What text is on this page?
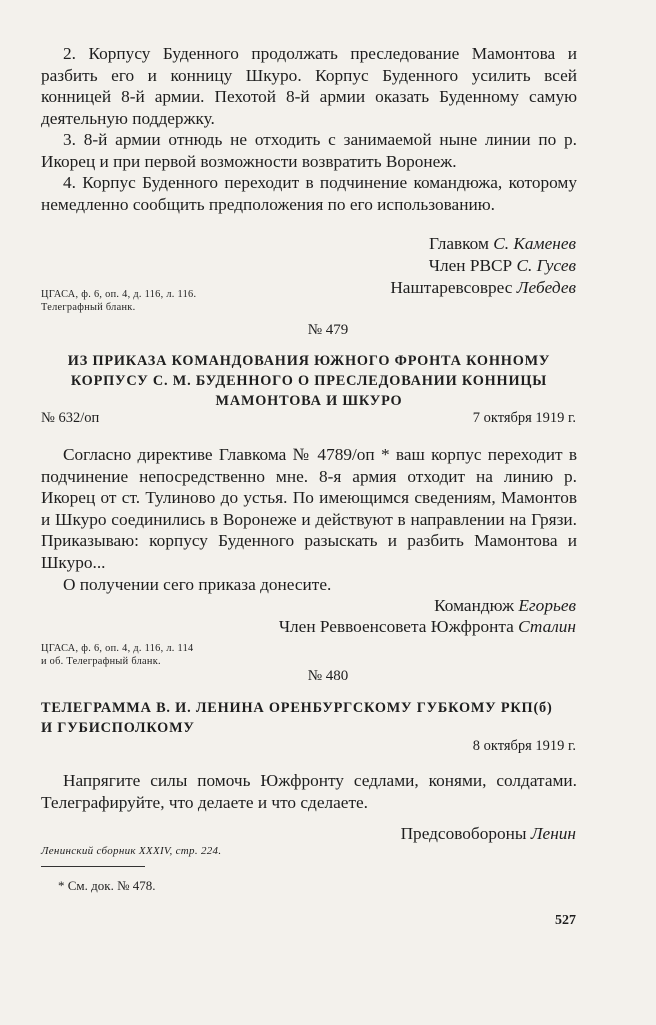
2. Корпусу Буденного продолжать преследование Мамонтова и разбить его и конницу Шкуро. Корпус Буденного усилить всей конницей 8-й армии. Пехотой 8-й армии оказать Буденному самую деятельную поддержку.

3. 8-й армии отнюдь не отходить с занимаемой ныне линии по р. Икорец и при первой возможности возвратить Воронеж.

4. Корпус Буденного переходит в подчинение командюжа, которому немедленно сообщить предположения по его использованию.

Главком С. Каменев
Член РВСР С. Гусев
Наштаревсоврес Лебедев
ЦГАСА, ф. 6, оп. 4, д. 116, л. 116.
Телеграфный бланк.
№ 479
ИЗ ПРИКАЗА КОМАНДОВАНИЯ ЮЖНОГО ФРОНТА КОННОМУ КОРПУСУ С. М. БУДЕННОГО О ПРЕСЛЕДОВАНИИ КОННИЦЫ МАМОНТОВА И ШКУРО
№ 632/оп	7 октября 1919 г.

Согласно директиве Главкома № 4789/оп * ваш корпус переходит в подчинение непосредственно мне. 8-я армия отходит на линию р. Икорец от ст. Тулиново до устья. По имеющимся сведениям, Мамонтов и Шкуро соединились в Воронеже и действуют в направлении на Грязи. Приказываю: корпусу Буденного разыскать и разбить Мамонтова и Шкуро...

О получении сего приказа донесите.

Командюж Егорьев
Член Реввоенсовета Южфронта Сталин
ЦГАСА, ф. 6, оп. 4, д. 116, л. 114
и об. Телеграфный бланк.
№ 480
ТЕЛЕГРАММА В. И. ЛЕНИНА ОРЕНБУРГСКОМУ ГУБКОМУ РКП(б)
И ГУБИСПОЛКОМУ
8 октября 1919 г.

Напрягите силы помочь Южфронту седлами, конями, солдатами. Телеграфируйте, что делаете и что сделаете.

Предсовобороны Ленин
Ленинский сборник XXXIV, стр. 224.
* См. док. № 478.
527
